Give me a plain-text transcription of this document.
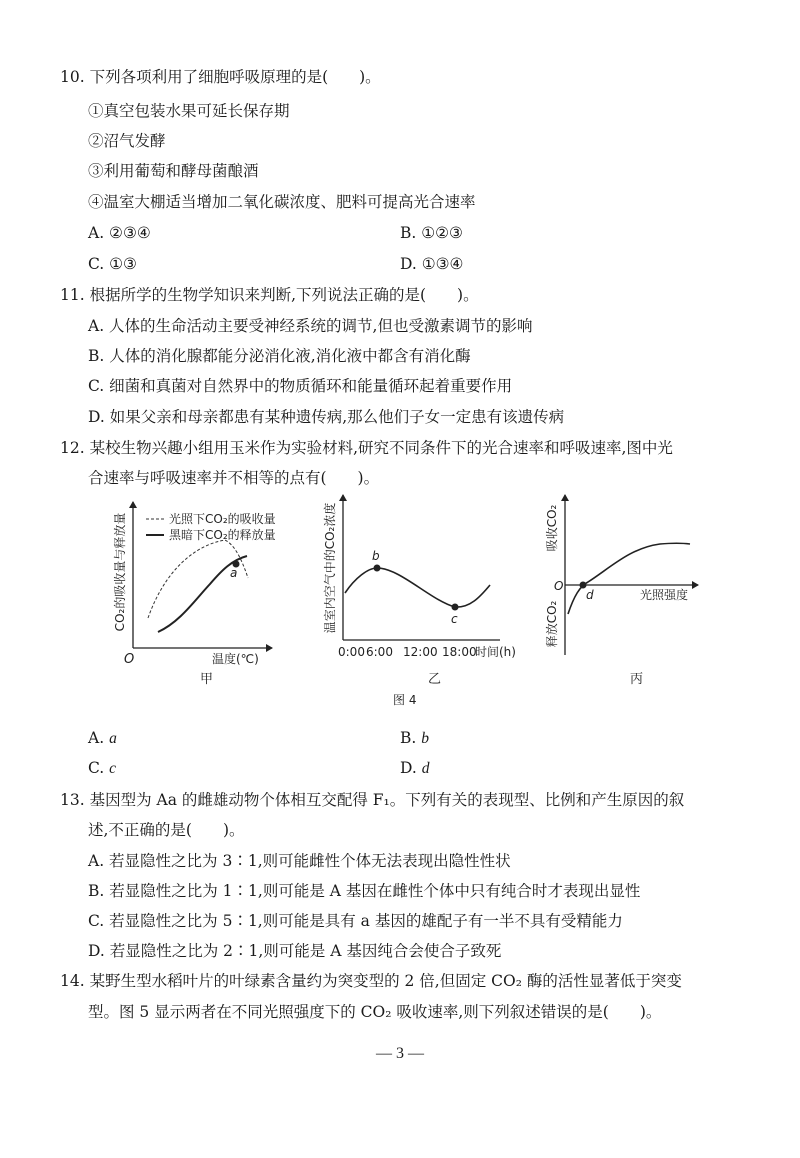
10. 下列各项利用了细胞呼吸原理的是(　　)。
①真空包装水果可延长保存期
②沼气发酵
③利用葡萄和酵母菌酿酒
④温室大棚适当增加二氧化碳浓度、肥料可提高光合速率
A. ②③④	B. ①②③
C. ①③	D. ①③④
11. 根据所学的生物学知识来判断,下列说法正确的是(　　)。
A. 人体的生命活动主要受神经系统的调节,但也受激素调节的影响
B. 人体的消化腺都能分泌消化液,消化液中都含有消化酶
C. 细菌和真菌对自然界中的物质循环和能量循环起着重要作用
D. 如果父亲和母亲都患有某种遗传病,那么他们子女一定患有该遗传病
12. 某校生物兴趣小组用玉米作为实验材料,研究不同条件下的光合速率和呼吸速率,图中光
合速率与呼吸速率并不相等的点有(　　)。
CO₂的吸收量与释放量
O	温度(℃)
a
光照下CO₂的吸收量
黑暗下CO₂的释放量
甲
温室内空气中的CO₂浓度	b
c
0:00 6:00 12:00 18:00
时间(h)
乙
吸收CO₂
释放CO₂
O
光照强度
d
丙
图 4
A. a	B. b
C. c	D. d
13. 基因型为 Aa 的雌雄动物个体相互交配得 F₁。下列有关的表现型、比例和产生原因的叙
述,不正确的是(　　)。
A. 若显隐性之比为 3∶1,则可能雌性个体无法表现出隐性性状
B. 若显隐性之比为 1∶1,则可能是 A 基因在雌性个体中只有纯合时才表现出显性
C. 若显隐性之比为 5∶1,则可能是具有 a 基因的雄配子有一半不具有受精能力
D. 若显隐性之比为 2∶1,则可能是 A 基因纯合会使合子致死
14. 某野生型水稻叶片的叶绿素含量约为突变型的 2 倍,但固定 CO₂ 酶的活性显著低于突变
型。图 5 显示两者在不同光照强度下的 CO₂ 吸收速率,则下列叙述错误的是(　　)。
— 3 —
